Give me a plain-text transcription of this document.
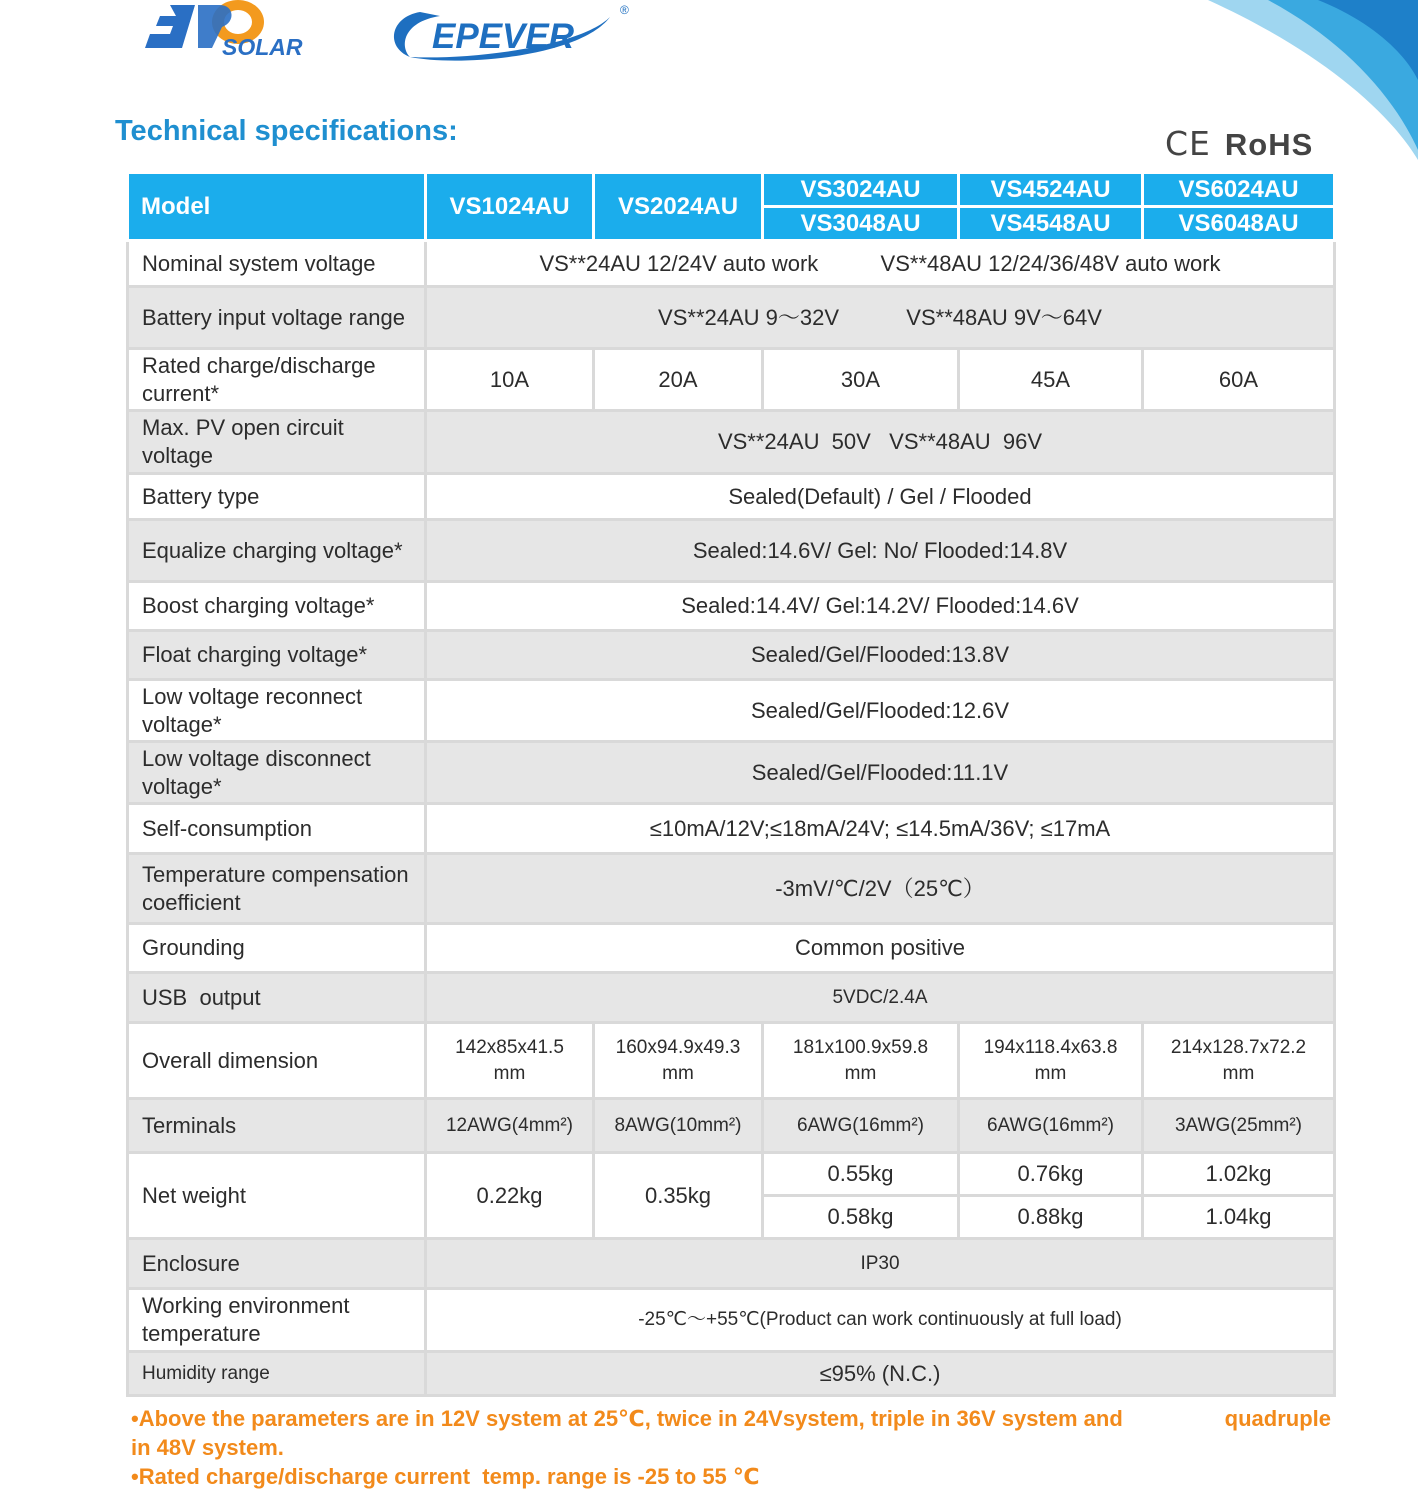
SOLAR	EPEVER
®
Technical specifications:	CE RoHS
Model	VS1024AU	VS2024AU	VS3024AU	VS4524AU	VS6024AU
			VS3048AU	VS4548AU	VS6048AU
Nominal system voltage	VS**24AU 12/24V auto work VS**48AU 12/24/36/48V auto work				
Battery input voltage range	VS**24AU 9～32V VS**48AU 9V～64V				
Rated charge/discharge current*	10A	20A	30A	45A	60A
Max. PV open circuit voltage	VS**24AU  50V   VS**48AU  96V				
Battery type	Sealed(Default) / Gel / Flooded				
Equalize charging voltage*	Sealed:14.6V/ Gel: No/ Flooded:14.8V				
Boost charging voltage*	Sealed:14.4V/ Gel:14.2V/ Flooded:14.6V				
Float charging voltage*	Sealed/Gel/Flooded:13.8V				
Low voltage reconnect voltage*	Sealed/Gel/Flooded:12.6V				
Low voltage disconnect voltage*	Sealed/Gel/Flooded:11.1V				
Self-consumption	≤10mA/12V;≤18mA/24V; ≤14.5mA/36V; ≤17mA				
Temperature compensation coefficient	-3mV/℃/2V（25℃）				
Grounding	Common positive				
USB  output	5VDC/2.4A				
Overall dimension	142x85x41.5 mm	160x94.9x49.3 mm	181x100.9x59.8 mm	194x118.4x63.8 mm	214x128.7x72.2 mm
Terminals	12AWG(4mm²)	8AWG(10mm²)	6AWG(16mm²)	6AWG(16mm²)	3AWG(25mm²)
Net weight	0.22kg	0.35kg	0.55kg	0.76kg	1.02kg
			0.58kg	0.88kg	1.04kg
Enclosure	IP30				
Working environment temperature	-25℃～+55℃(Product can work continuously at full load)				
Humidity range	≤95% (N.C.)				
•Above the parameters are in 12V system at 25℃, twice in 24Vsystem, triple in 36V system and	quadruple
in 48V system.
•Rated charge/discharge current  temp. range is -25 to 55 ℃
